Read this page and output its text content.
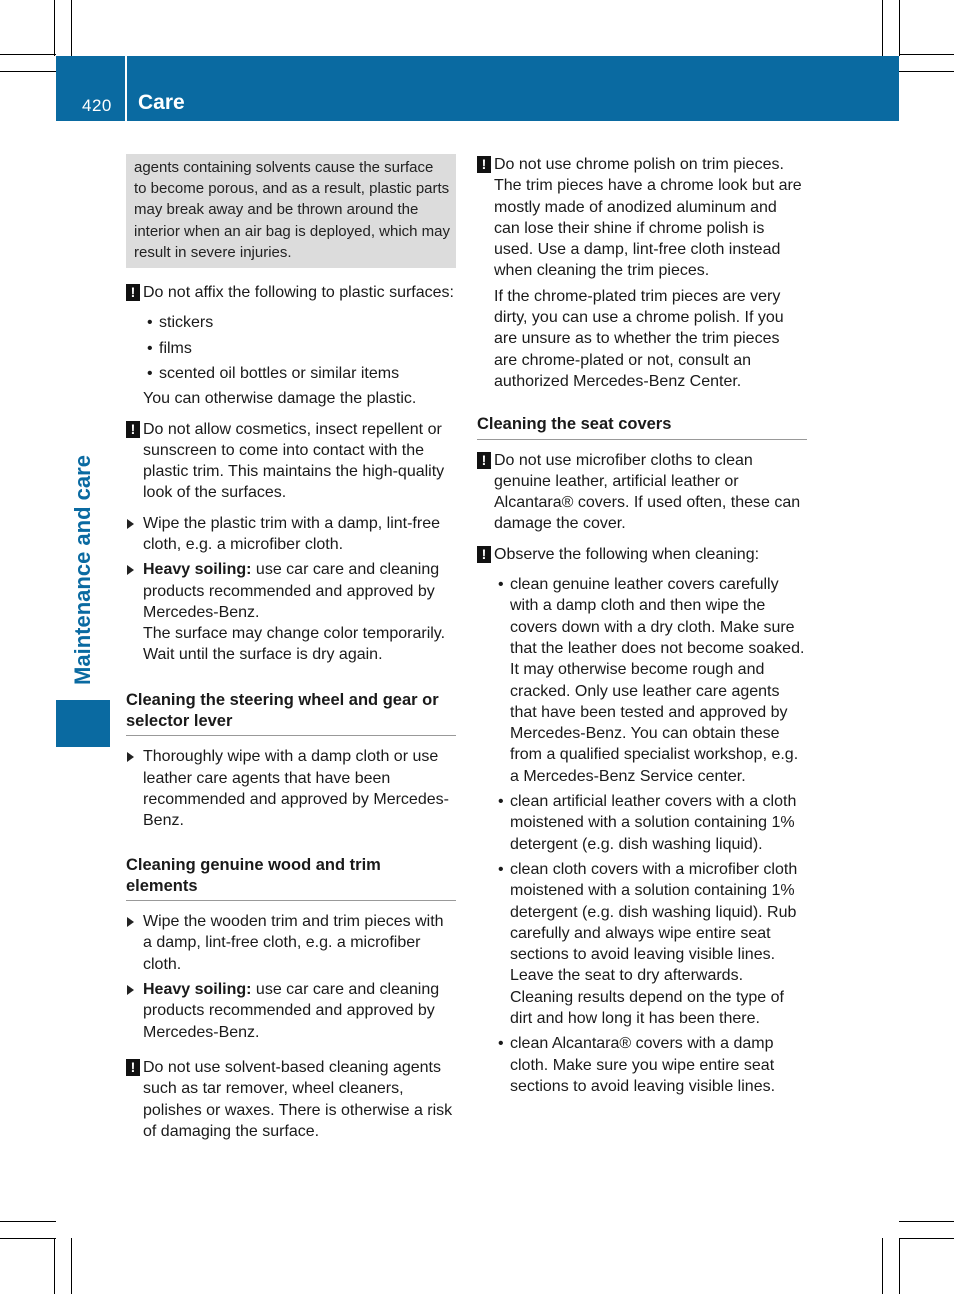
420 Care
Maintenance and care
agents containing solvents cause the surface to become porous, and as a result, plastic parts may break away and be thrown around the interior when an air bag is deployed, which may result in severe injuries.
! Do not affix the following to plastic surfaces:
• stickers
• films
• scented oil bottles or similar items
You can otherwise damage the plastic.
! Do not allow cosmetics, insect repellent or sunscreen to come into contact with the plastic trim. This maintains the high-quality look of the surfaces.
Wipe the plastic trim with a damp, lint-free cloth, e.g. a microfiber cloth.
Heavy soiling: use car care and cleaning products recommended and approved by Mercedes-Benz.
The surface may change color temporarily. Wait until the surface is dry again.
Cleaning the steering wheel and gear or selector lever
Thoroughly wipe with a damp cloth or use leather care agents that have been recommended and approved by Mercedes-Benz.
Cleaning genuine wood and trim elements
Wipe the wooden trim and trim pieces with a damp, lint-free cloth, e.g. a microfiber cloth.
Heavy soiling: use car care and cleaning products recommended and approved by Mercedes-Benz.
! Do not use solvent-based cleaning agents such as tar remover, wheel cleaners, polishes or waxes. There is otherwise a risk of damaging the surface.
! Do not use chrome polish on trim pieces. The trim pieces have a chrome look but are mostly made of anodized aluminum and can lose their shine if chrome polish is used. Use a damp, lint-free cloth instead when cleaning the trim pieces.
If the chrome-plated trim pieces are very dirty, you can use a chrome polish. If you are unsure as to whether the trim pieces are chrome-plated or not, consult an authorized Mercedes-Benz Center.
Cleaning the seat covers
! Do not use microfiber cloths to clean genuine leather, artificial leather or Alcantara® covers. If used often, these can damage the cover.
! Observe the following when cleaning:
• clean genuine leather covers carefully with a damp cloth and then wipe the covers down with a dry cloth. Make sure that the leather does not become soaked. It may otherwise become rough and cracked. Only use leather care agents that have been tested and approved by Mercedes-Benz. You can obtain these from a qualified specialist workshop, e.g. a Mercedes-Benz Service center.
• clean artificial leather covers with a cloth moistened with a solution containing 1% detergent (e.g. dish washing liquid).
• clean cloth covers with a microfiber cloth moistened with a solution containing 1% detergent (e.g. dish washing liquid). Rub carefully and always wipe entire seat sections to avoid leaving visible lines. Leave the seat to dry afterwards. Cleaning results depend on the type of dirt and how long it has been there.
• clean Alcantara® covers with a damp cloth. Make sure you wipe entire seat sections to avoid leaving visible lines.
